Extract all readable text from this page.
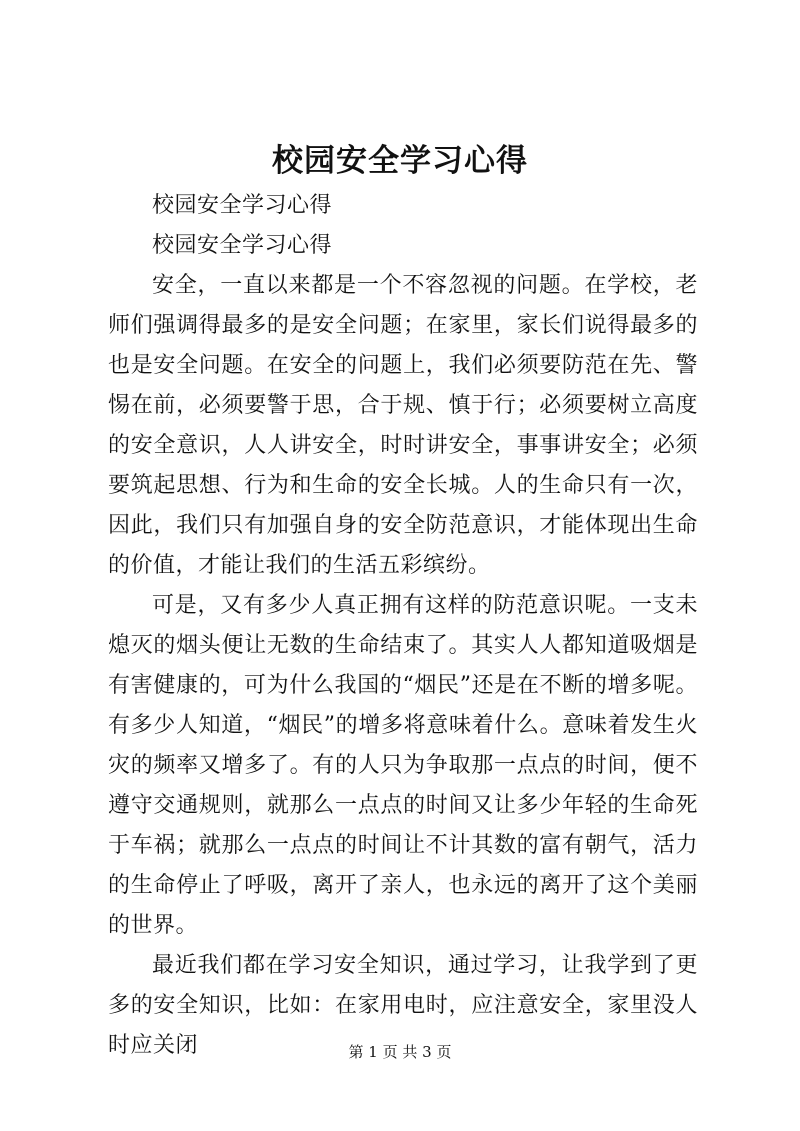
校园安全学习心得

校园安全学习心得

校园安全学习心得

安全，一直以来都是一个不容忽视的问题。在学校，老师们强调得最多的是安全问题；在家里，家长们说得最多的也是安全问题。在安全的问题上，我们必须要防范在先、警惕在前，必须要警于思，合于规、慎于行；必须要树立高度的安全意识，人人讲安全，时时讲安全，事事讲安全；必须要筑起思想、行为和生命的安全长城。人的生命只有一次，因此，我们只有加强自身的安全防范意识，才能体现出生命的价值，才能让我们的生活五彩缤纷。

可是，又有多少人真正拥有这样的防范意识呢。一支未熄灭的烟头便让无数的生命结束了。其实人人都知道吸烟是有害健康的，可为什么我国的“烟民”还是在不断的增多呢。有多少人知道，“烟民”的增多将意味着什么。意味着发生火灾的频率又增多了。有的人只为争取那一点点的时间，便不遵守交通规则，就那么一点点的时间又让多少年轻的生命死于车祸；就那么一点点的时间让不计其数的富有朝气，活力的生命停止了呼吸，离开了亲人，也永远的离开了这个美丽的世界。

最近我们都在学习安全知识，通过学习，让我学到了更多的安全知识，比如：在家用电时，应注意安全，家里没人时应关闭	第 1 页 共 3 页
